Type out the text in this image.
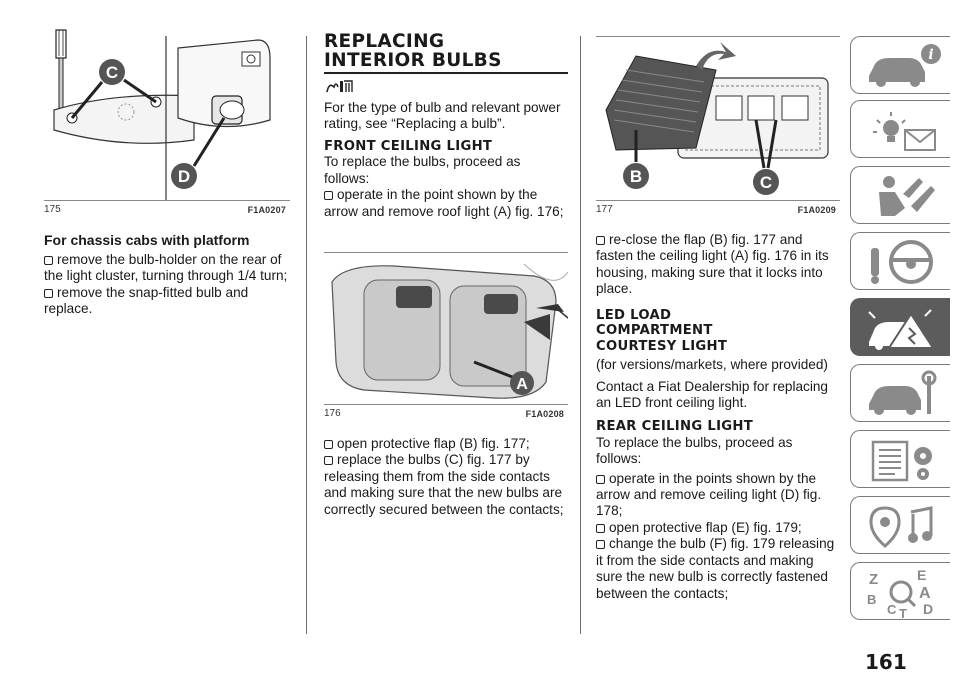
C
D
175	F1A0207

For chassis cabs with platform

remove the bulb-holder on the rear of the light cluster, turning through 1/4 turn;

remove the snap-fitted bulb and replace.

REPLACING

INTERIOR BULBS

For the type of bulb and relevant power rating, see “Replacing a bulb”.

FRONT CEILING LIGHT

To replace the bulbs, proceed as follows:

operate in the point shown by the arrow and remove roof light (A) fig. 176;

A
176	F1A0208

open protective flap (B) fig. 177;

replace the bulbs (C) fig. 177 by releasing them from the side contacts and making sure that the new bulbs are correctly secured between the contacts;

B	C
177	F1A0209

re-close the flap (B) fig. 177 and fasten the ceiling light (A) fig. 176 in its housing, making sure that it locks into place.

LED LOAD

COMPARTMENT

COURTESY LIGHT

(for versions/markets, where provided)

Contact a Fiat Dealership for replacing an LED front ceiling light.

REAR CEILING LIGHT

To replace the bulbs, proceed as follows:

operate in the points shown by the arrow and remove ceiling light (D) fig. 178;

open protective flap (E) fig. 179;

change the bulb (F) fig. 179 releasing it from the side contacts and making sure the new bulb is correctly fastened between the contacts;

i
Z	E
A
B
C D
T
161
